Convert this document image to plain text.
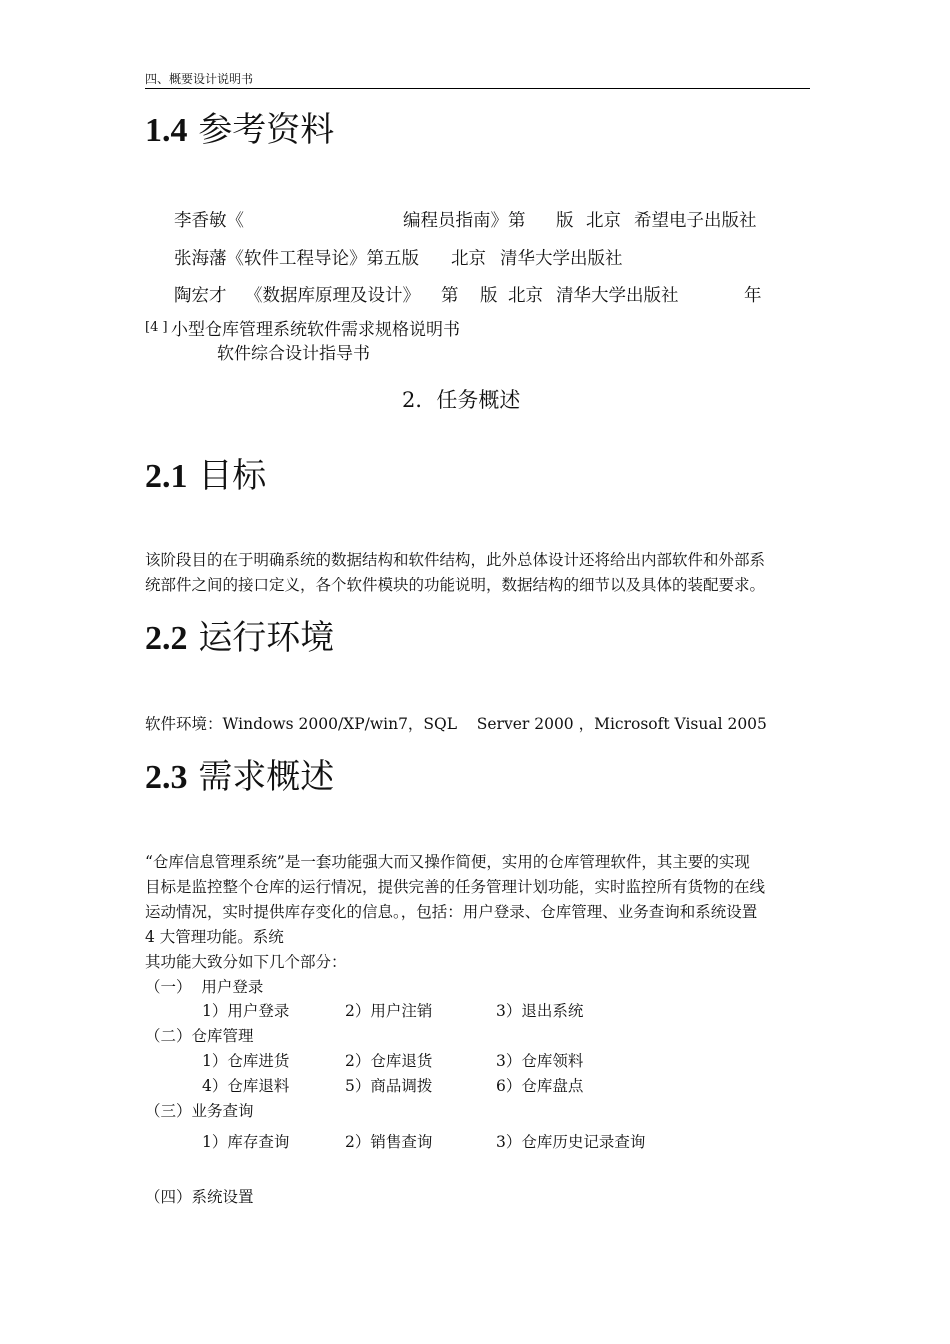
四、概要设计说明书
1.4 参考资料
李香敏《	编程员指南》第 版 北京 希望电子出版社
张海藩《软件工程导论》第五版 北京 清华大学出版社
陶宏才 《数据库原理及设计》 第 版 北京 清华大学出版社	年
[4 ] 小型仓库管理系统软件需求规格说明书
软件综合设计指导书
2．任务概述
2.1 目标
该阶段目的在于明确系统的数据结构和软件结构，此外总体设计还将给出内部软件和外部系
统部件之间的接口定义，各个软件模块的功能说明，数据结构的细节以及具体的装配要求。
2.2 运行环境
软件环境：Windows 2000/XP/win7，SQL    Server 2000 ，Microsoft Visual 2005
2.3 需求概述
“仓库信息管理系统”是一套功能强大而又操作简便，实用的仓库管理软件，其主要的实现
目标是监控整个仓库的运行情况，提供完善的任务管理计划功能，实时监控所有货物的在线
运动情况，实时提供库存变化的信息。，包括：用户登录、仓库管理、业务查询和系统设置
4 大管理功能。系统
其功能大致分如下几个部分：
（一）  用户登录
1）用户登录	2）用户注销	3）退出系统
（二）仓库管理
1）仓库进货	2）仓库退货	3）仓库领料
4）仓库退料	5）商品调拨	6）仓库盘点
（三）业务查询
1）库存查询	2）销售查询	3）仓库历史记录查询
（四）系统设置
